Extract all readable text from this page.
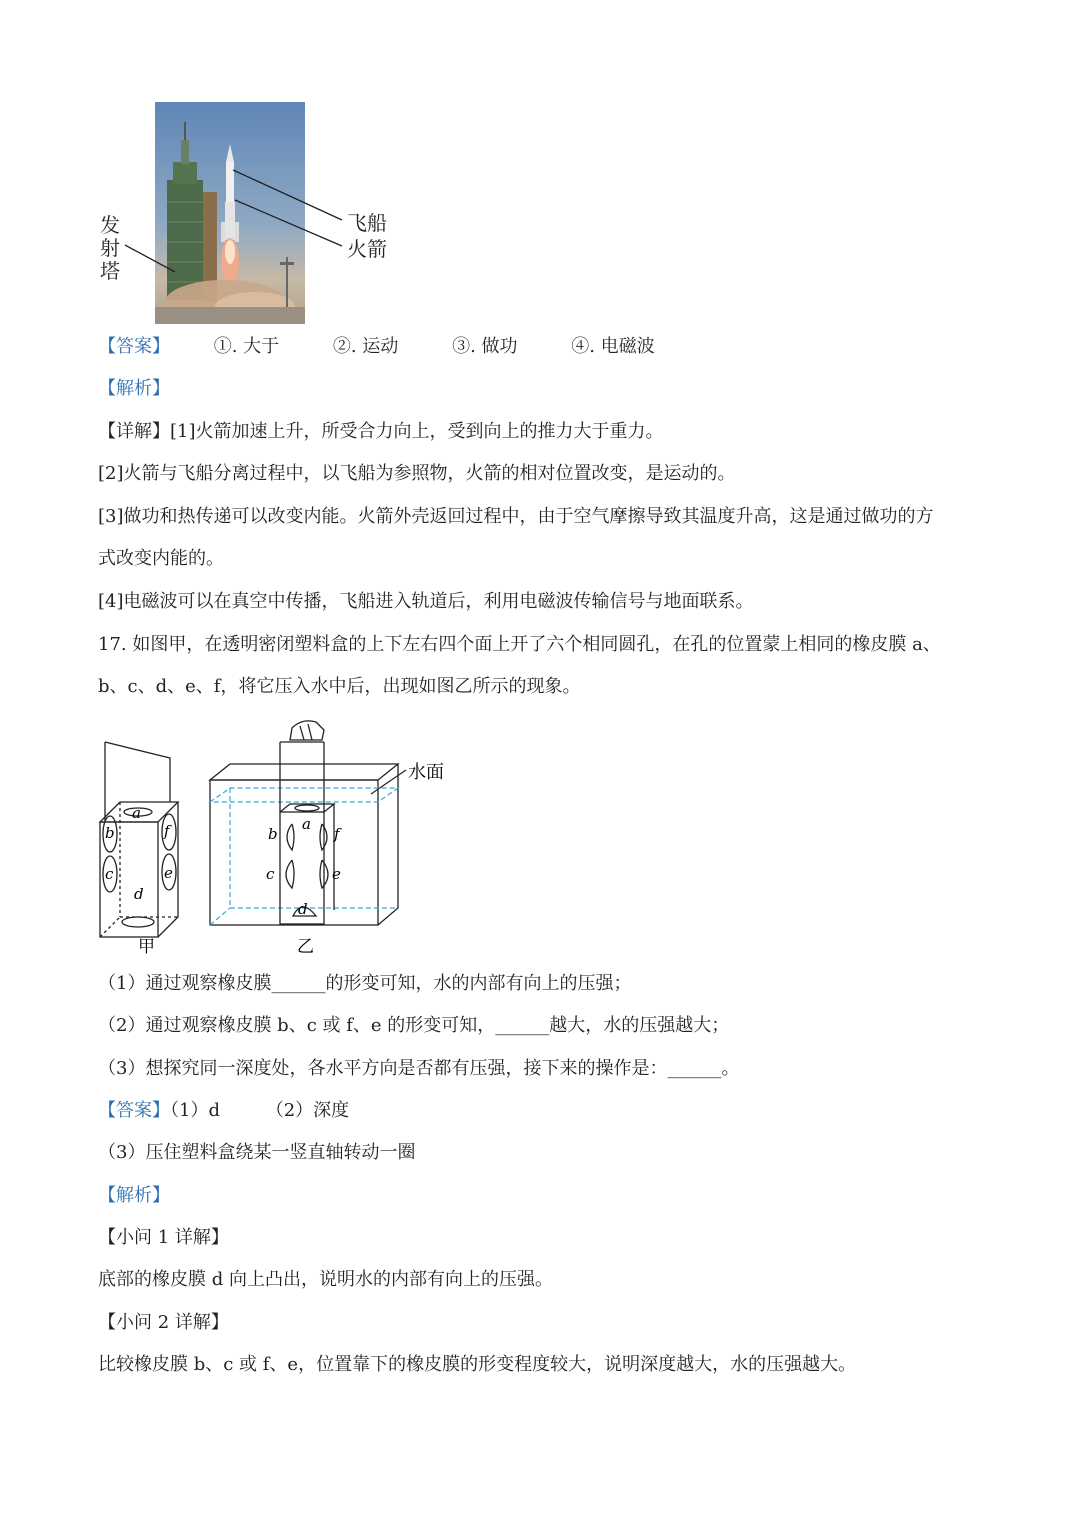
飞船
火箭
发
射
塔
【答案】 ①. 大于	②. 运动	③. 做功	④. 电磁波
【解析】
【详解】[1]火箭加速上升，所受合力向上，受到向上的推力大于重力。
[2]火箭与飞船分离过程中，以飞船为参照物，火箭的相对位置改变，是运动的。
[3]做功和热传递可以改变内能。火箭外壳返回过程中，由于空气摩擦导致其温度升高，这是通过做功的方
式改变内能的。
[4]电磁波可以在真空中传播，飞船进入轨道后，利用电磁波传输信号与地面联系。
17. 如图甲，在透明密闭塑料盒的上下左右四个面上开了六个相同圆孔，在孔的位置蒙上相同的橡皮膜 a、
b、c、d、e、f，将它压入水中后，出现如图乙所示的现象。
a
b
c
d
f
e
甲
水面
a
b
c
d
f
e
乙
（1）通过观察橡皮膜______的形变可知，水的内部有向上的压强；
（2）通过观察橡皮膜 b、c 或 f、e 的形变可知，______越大，水的压强越大；
（3）想探究同一深度处，各水平方向是否都有压强，接下来的操作是：______。
【答案】（1）d	（2）深度
（3）压住塑料盒绕某一竖直轴转动一圈
【解析】
【小问 1 详解】
底部的橡皮膜 d 向上凸出，说明水的内部有向上的压强。
【小问 2 详解】
比较橡皮膜 b、c 或 f、e，位置靠下的橡皮膜的形变程度较大，说明深度越大，水的压强越大。
